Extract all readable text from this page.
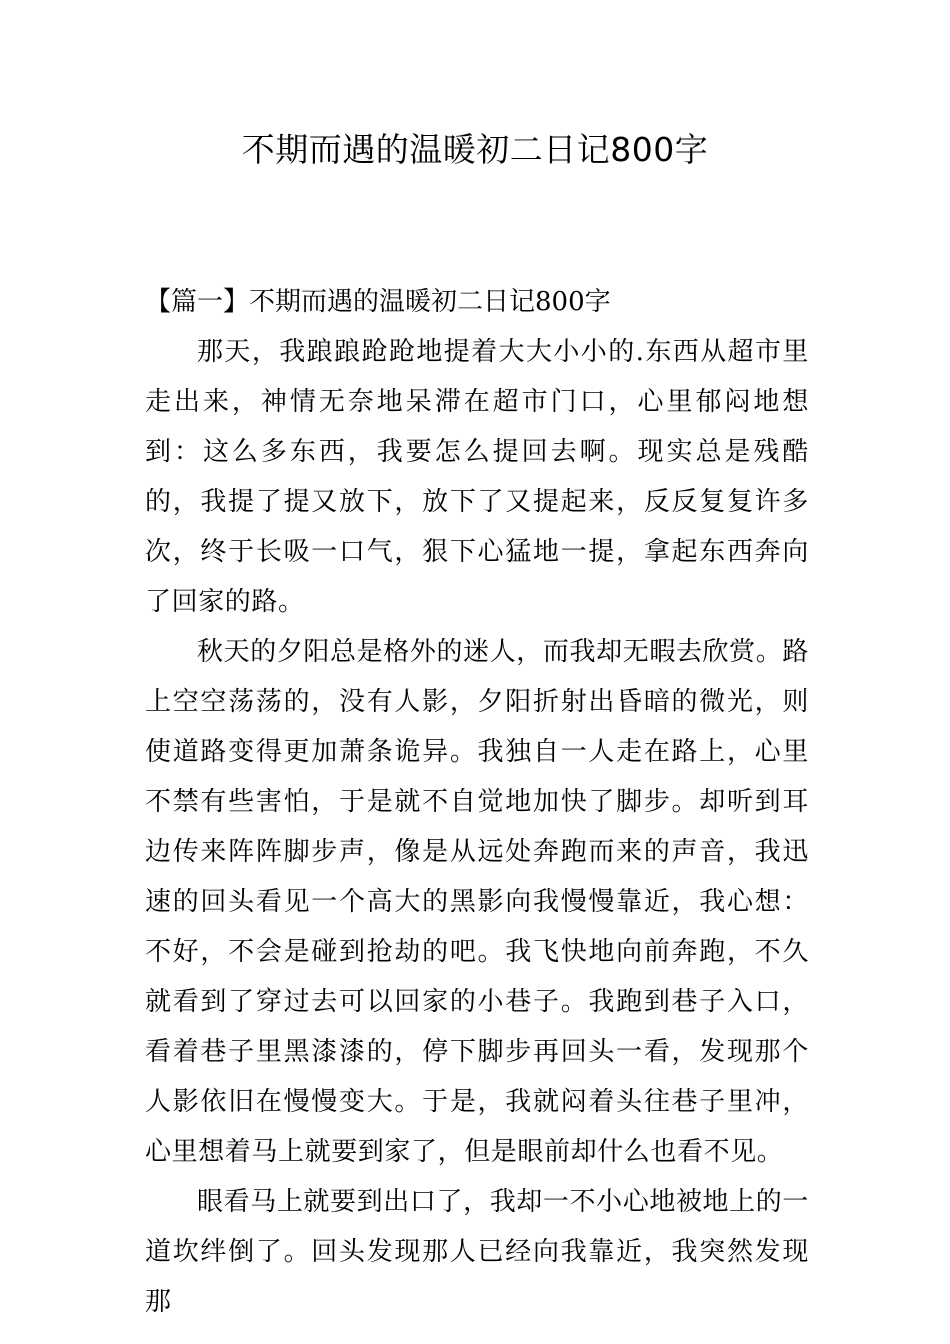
不期而遇的温暖初二日记800字

【篇一】不期而遇的温暖初二日记800字

那天，我踉踉跄跄地提着大大小小的.东西从超市里走出来，神情无奈地呆滞在超市门口，心里郁闷地想到：这么多东西，我要怎么提回去啊。现实总是残酷的，我提了提又放下，放下了又提起来，反反复复许多次，终于长吸一口气，狠下心猛地一提，拿起东西奔向了回家的路。

秋天的夕阳总是格外的迷人，而我却无暇去欣赏。路上空空荡荡的，没有人影，夕阳折射出昏暗的微光，则使道路变得更加萧条诡异。我独自一人走在路上，心里不禁有些害怕，于是就不自觉地加快了脚步。却听到耳边传来阵阵脚步声，像是从远处奔跑而来的声音，我迅速的回头看见一个高大的黑影向我慢慢靠近，我心想：不好，不会是碰到抢劫的吧。我飞快地向前奔跑，不久就看到了穿过去可以回家的小巷子。我跑到巷子入口，看着巷子里黑漆漆的，停下脚步再回头一看，发现那个人影依旧在慢慢变大。于是，我就闷着头往巷子里冲，心里想着马上就要到家了，但是眼前却什么也看不见。

眼看马上就要到出口了，我却一不小心地被地上的一道坎绊倒了。回头发现那人已经向我靠近，我突然发现那
